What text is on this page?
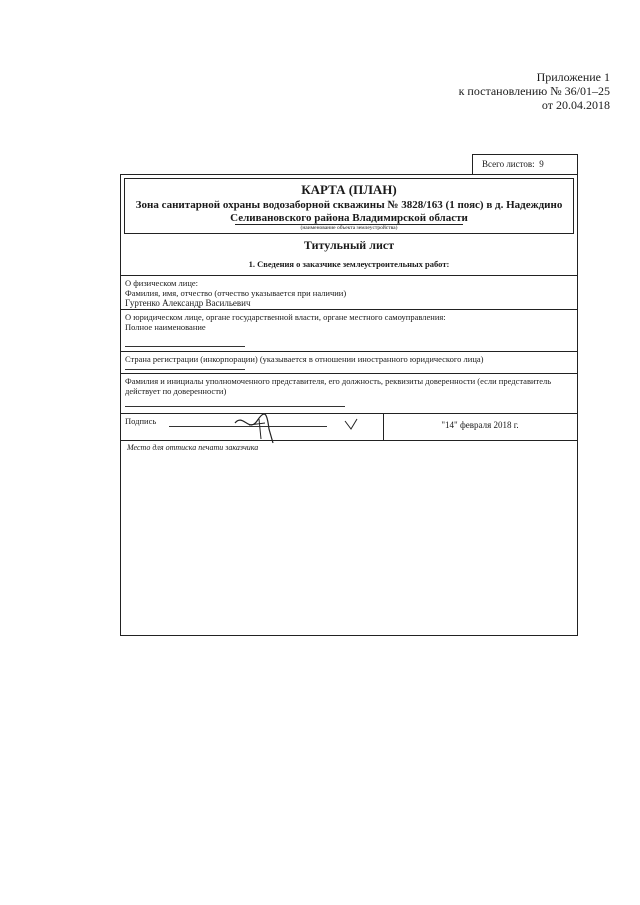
Приложение 1
к постановлению № 36/01–25
от 20.04.2018
Всего листов: 9
КАРТА (ПЛАН)
Зона санитарной охраны водозаборной скважины № 3828/163 (1 пояс) в д. Надеждино Селивановского района Владимирской области
(наименование объекта землеустройства)
Титульный лист
1. Сведения о заказчике землеустроительных работ:
О физическом лице:
Фамилия, имя, отчество (отчество указывается при наличии)
Гуртенко Александр Васильевич
О юридическом лице, органе государственной власти, органе местного самоуправления:
Полное наименование
Страна регистрации (инкорпорации) (указывается в отношении иностранного юридического лица)
Фамилия и инициалы уполномоченного представителя, его должность, реквизиты доверенности (если представитель действует по доверенности)
Подпись	"14" февраля 2018 г.
Место для оттиска печати заказчика
